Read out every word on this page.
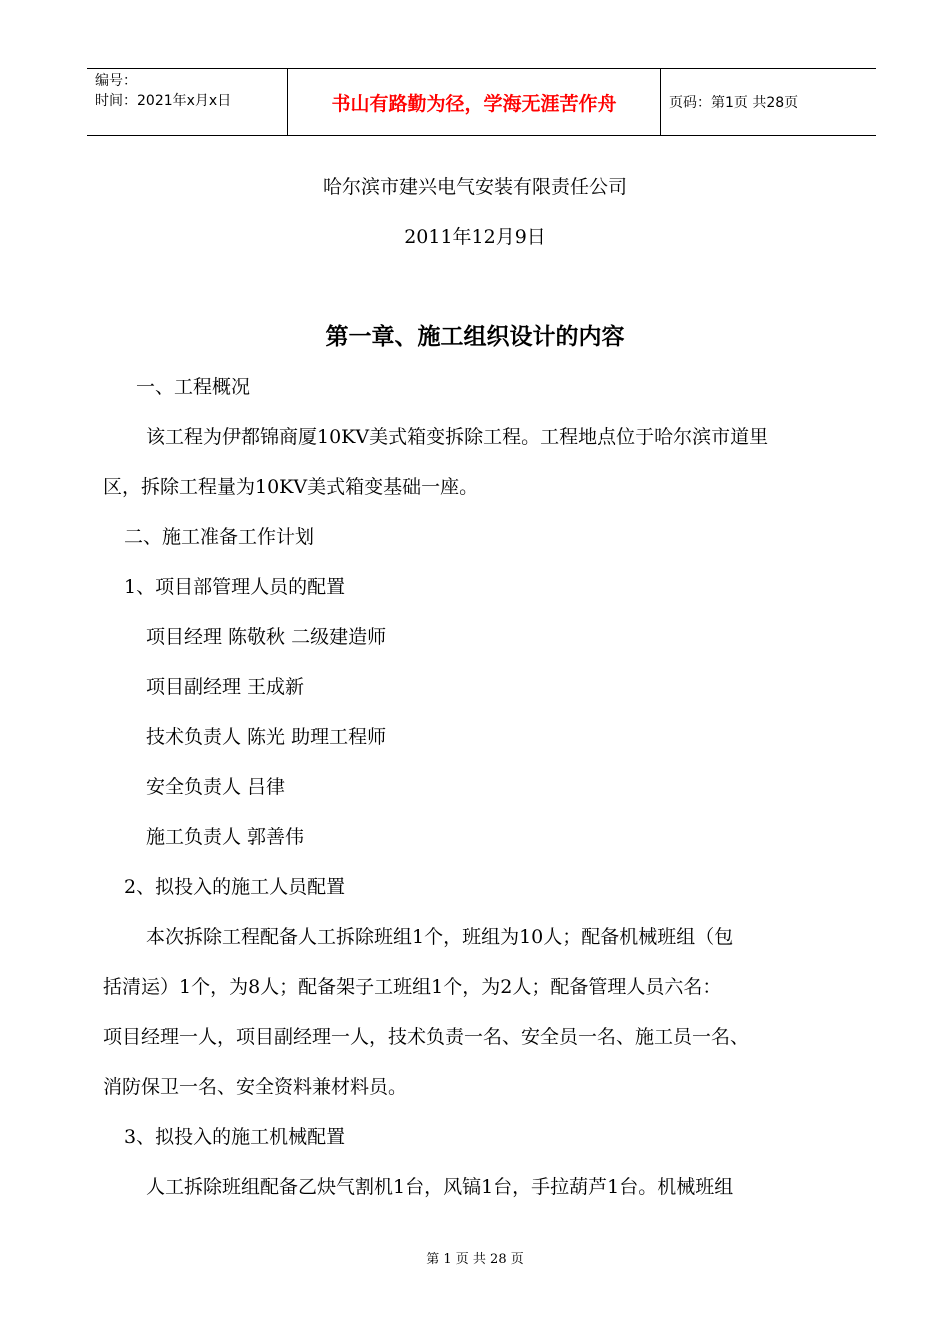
编号：
时间：2021年x月x日	书山有路勤为径，学海无涯苦作舟	页码：第1页 共28页
哈尔滨市建兴电气安装有限责任公司
2011年12月9日
第一章、施工组织设计的内容
一、工程概况
该工程为伊都锦商厦10KV美式箱变拆除工程。工程地点位于哈尔滨市道里
区，拆除工程量为10KV美式箱变基础一座。
二、施工准备工作计划
1、项目部管理人员的配置
项目经理 陈敬秋 二级建造师
项目副经理 王成新
技术负责人 陈光 助理工程师
安全负责人 吕律
施工负责人 郭善伟
2、拟投入的施工人员配置
本次拆除工程配备人工拆除班组1个，班组为10人；配备机械班组（包
括清运）1个，为8人；配备架子工班组1个，为2人；配备管理人员六名：
项目经理一人，项目副经理一人，技术负责一名、安全员一名、施工员一名、
消防保卫一名、安全资料兼材料员。
3、拟投入的施工机械配置
人工拆除班组配备乙炔气割机1台，风镐1台，手拉葫芦1台。机械班组
第 1 页 共 28 页
